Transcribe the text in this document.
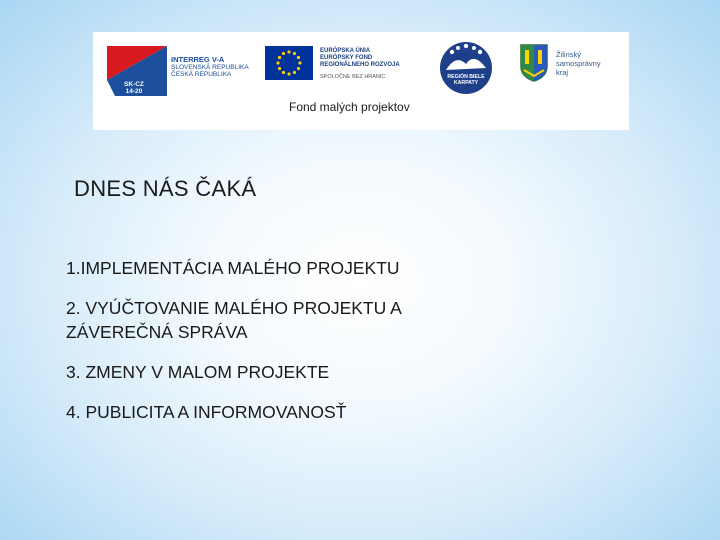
SK-CZ
14-20
INTERREG V-A
SLOVENSKÁ REPUBLIKA
ČESKÁ REPUBLIKA
EURÓPSKA ÚNIA
EURÓPSKY FOND
REGIONÁLNEHO ROZVOJA
SPOLOČNE BEZ HRANÍC	REGIÓN BIELE
KARPATY
Žilinský
samosprávny
kraj
Fond malých projektov
DNES NÁS ČAKÁ
1.IMPLEMENTÁCIA MALÉHO PROJEKTU
2. VYÚČTOVANIE MALÉHO PROJEKTU A
ZÁVEREČNÁ SPRÁVA
3. ZMENY V MALOM PROJEKTE
4. PUBLICITA A INFORMOVANOSŤ
